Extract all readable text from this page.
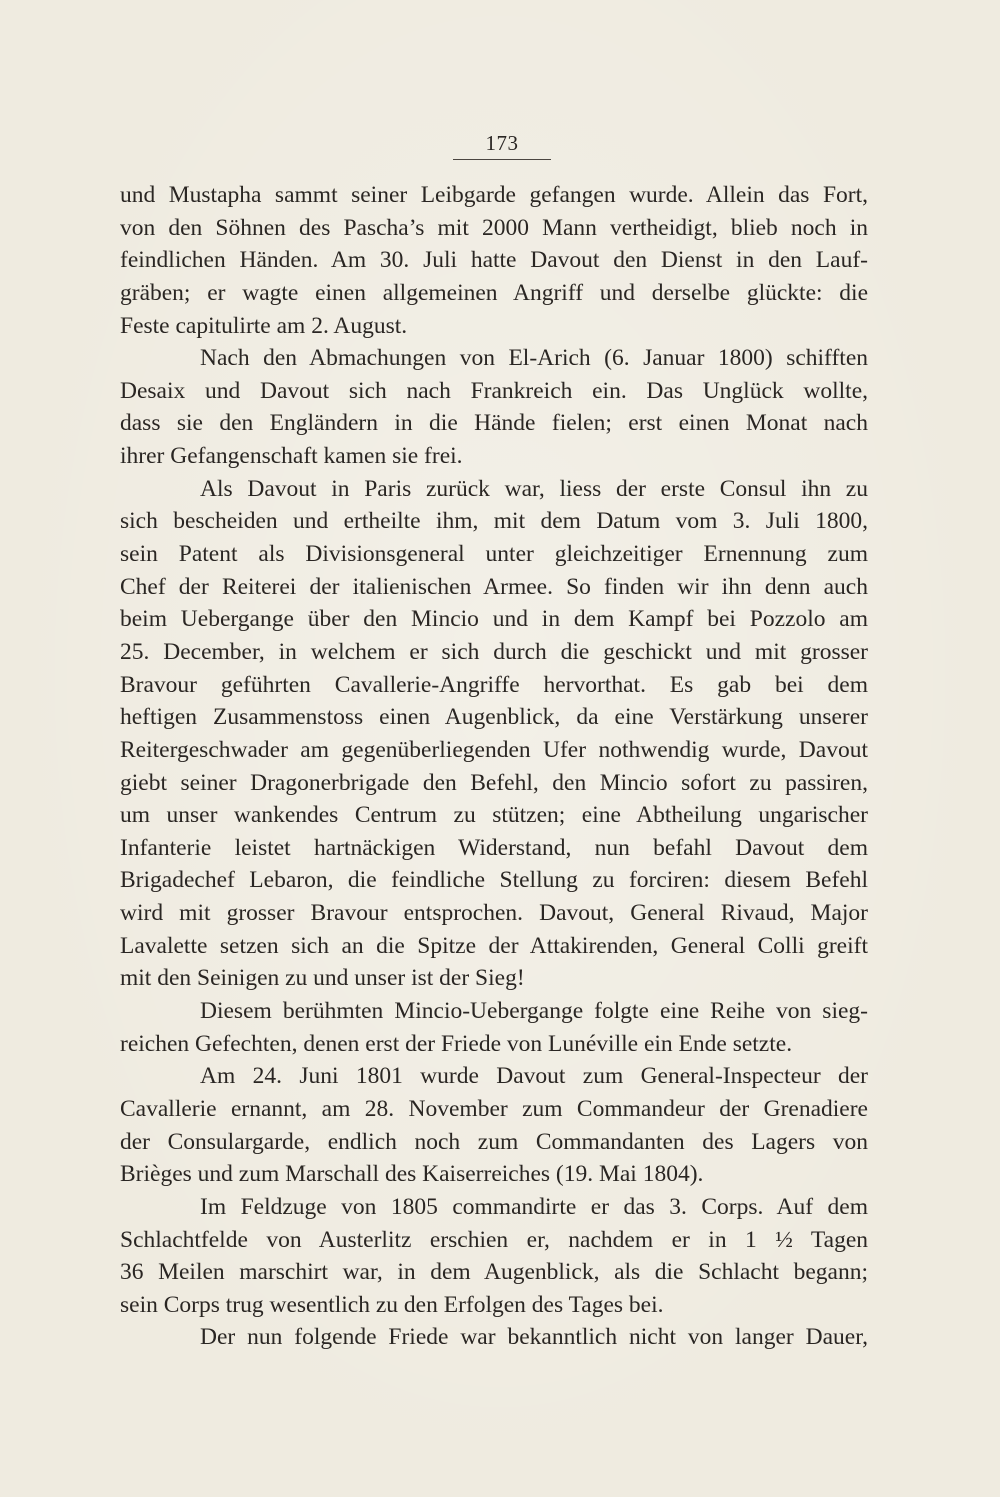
173
und Mustapha sammt seiner Leibgarde gefangen wurde. Allein das Fort,
von den Söhnen des Pascha’s mit 2000 Mann vertheidigt, blieb noch in
feindlichen Händen. Am 30. Juli hatte Davout den Dienst in den Lauf-
gräben; er wagte einen allgemeinen Angriff und derselbe glückte: die
Feste capitulirte am 2. August.
Nach den Abmachungen von El-Arich (6. Januar 1800) schifften
Desaix und Davout sich nach Frankreich ein. Das Unglück wollte,
dass sie den Engländern in die Hände fielen; erst einen Monat nach
ihrer Gefangenschaft kamen sie frei.
Als Davout in Paris zurück war, liess der erste Consul ihn zu
sich bescheiden und ertheilte ihm, mit dem Datum vom 3. Juli 1800,
sein Patent als Divisionsgeneral unter gleichzeitiger Ernennung zum
Chef der Reiterei der italienischen Armee. So finden wir ihn denn auch
beim Uebergange über den Mincio und in dem Kampf bei Pozzolo am
25. December, in welchem er sich durch die geschickt und mit grosser
Bravour geführten Cavallerie-Angriffe hervorthat. Es gab bei dem
heftigen Zusammenstoss einen Augenblick, da eine Verstärkung unserer
Reitergeschwader am gegenüberliegenden Ufer nothwendig wurde, Davout
giebt seiner Dragonerbrigade den Befehl, den Mincio sofort zu passiren,
um unser wankendes Centrum zu stützen; eine Abtheilung ungarischer
Infanterie leistet hartnäckigen Widerstand, nun befahl Davout dem
Brigadechef Lebaron, die feindliche Stellung zu forciren: diesem Befehl
wird mit grosser Bravour entsprochen. Davout, General Rivaud, Major
Lavalette setzen sich an die Spitze der Attakirenden, General Colli greift
mit den Seinigen zu und unser ist der Sieg!
Diesem berühmten Mincio-Uebergange folgte eine Reihe von sieg-
reichen Gefechten, denen erst der Friede von Lunéville ein Ende setzte.
Am 24. Juni 1801 wurde Davout zum General-Inspecteur der
Cavallerie ernannt, am 28. November zum Commandeur der Grenadiere
der Consulargarde, endlich noch zum Commandanten des Lagers von
Brièges und zum Marschall des Kaiserreiches (19. Mai 1804).
Im Feldzuge von 1805 commandirte er das 3. Corps. Auf dem
Schlachtfelde von Austerlitz erschien er, nachdem er in 1 ½ Tagen
36 Meilen marschirt war, in dem Augenblick, als die Schlacht begann;
sein Corps trug wesentlich zu den Erfolgen des Tages bei.
Der nun folgende Friede war bekanntlich nicht von langer Dauer,
